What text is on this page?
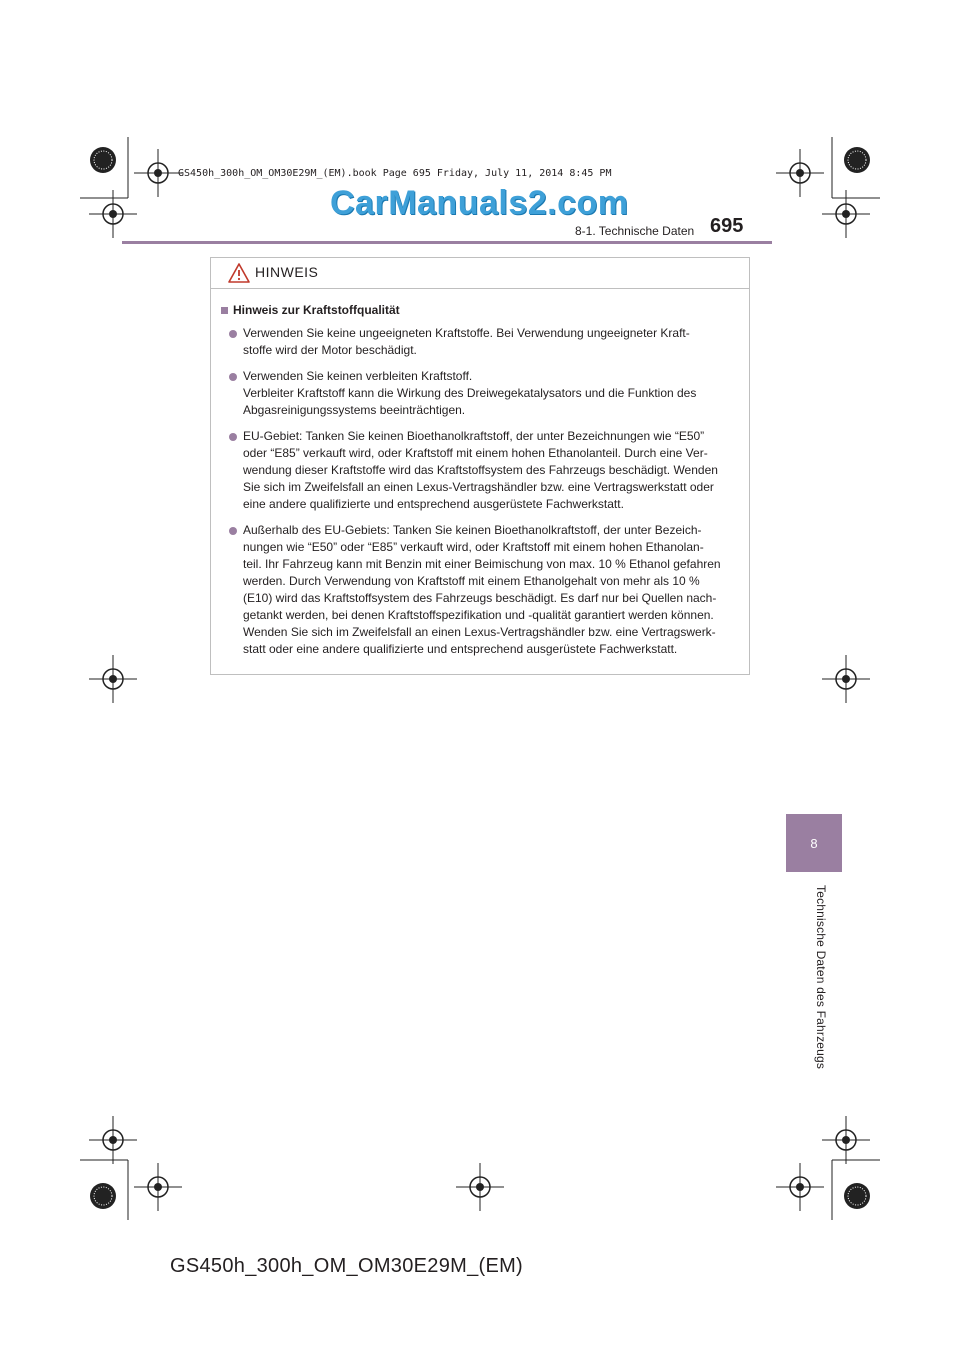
GS450h_300h_OM_OM30E29M_(EM).book Page 695 Friday, July 11, 2014 8:45 PM
CarManuals2.com
8-1. Technische Daten 695
HINWEIS
Hinweis zur Kraftstoffqualität
Verwenden Sie keine ungeeigneten Kraftstoffe. Bei Verwendung ungeeigneter Kraft-
stoffe wird der Motor beschädigt.
Verwenden Sie keinen verbleiten Kraftstoff.
Verbleiter Kraftstoff kann die Wirkung des Dreiwegekatalysators und die Funktion des
Abgasreinigungssystems beeinträchtigen.
EU-Gebiet: Tanken Sie keinen Bioethanolkraftstoff, der unter Bezeichnungen wie “E50”
oder “E85” verkauft wird, oder Kraftstoff mit einem hohen Ethanolanteil. Durch eine Ver-
wendung dieser Kraftstoffe wird das Kraftstoffsystem des Fahrzeugs beschädigt. Wenden
Sie sich im Zweifelsfall an einen Lexus-Vertragshändler bzw. eine Vertragswerkstatt oder
eine andere qualifizierte und entsprechend ausgerüstete Fachwerkstatt.
Außerhalb des EU-Gebiets: Tanken Sie keinen Bioethanolkraftstoff, der unter Bezeich-
nungen wie “E50” oder “E85” verkauft wird, oder Kraftstoff mit einem hohen Ethanolan-
teil. Ihr Fahrzeug kann mit Benzin mit einer Beimischung von max. 10 % Ethanol gefahren
werden. Durch Verwendung von Kraftstoff mit einem Ethanolgehalt von mehr als 10 %
(E10) wird das Kraftstoffsystem des Fahrzeugs beschädigt. Es darf nur bei Quellen nach-
getankt werden, bei denen Kraftstoffspezifikation und -qualität garantiert werden können.
Wenden Sie sich im Zweifelsfall an einen Lexus-Vertragshändler bzw. eine Vertragswerk-
statt oder eine andere qualifizierte und entsprechend ausgerüstete Fachwerkstatt.
8
Technische Daten des Fahrzeugs
GS450h_300h_OM_OM30E29M_(EM)
